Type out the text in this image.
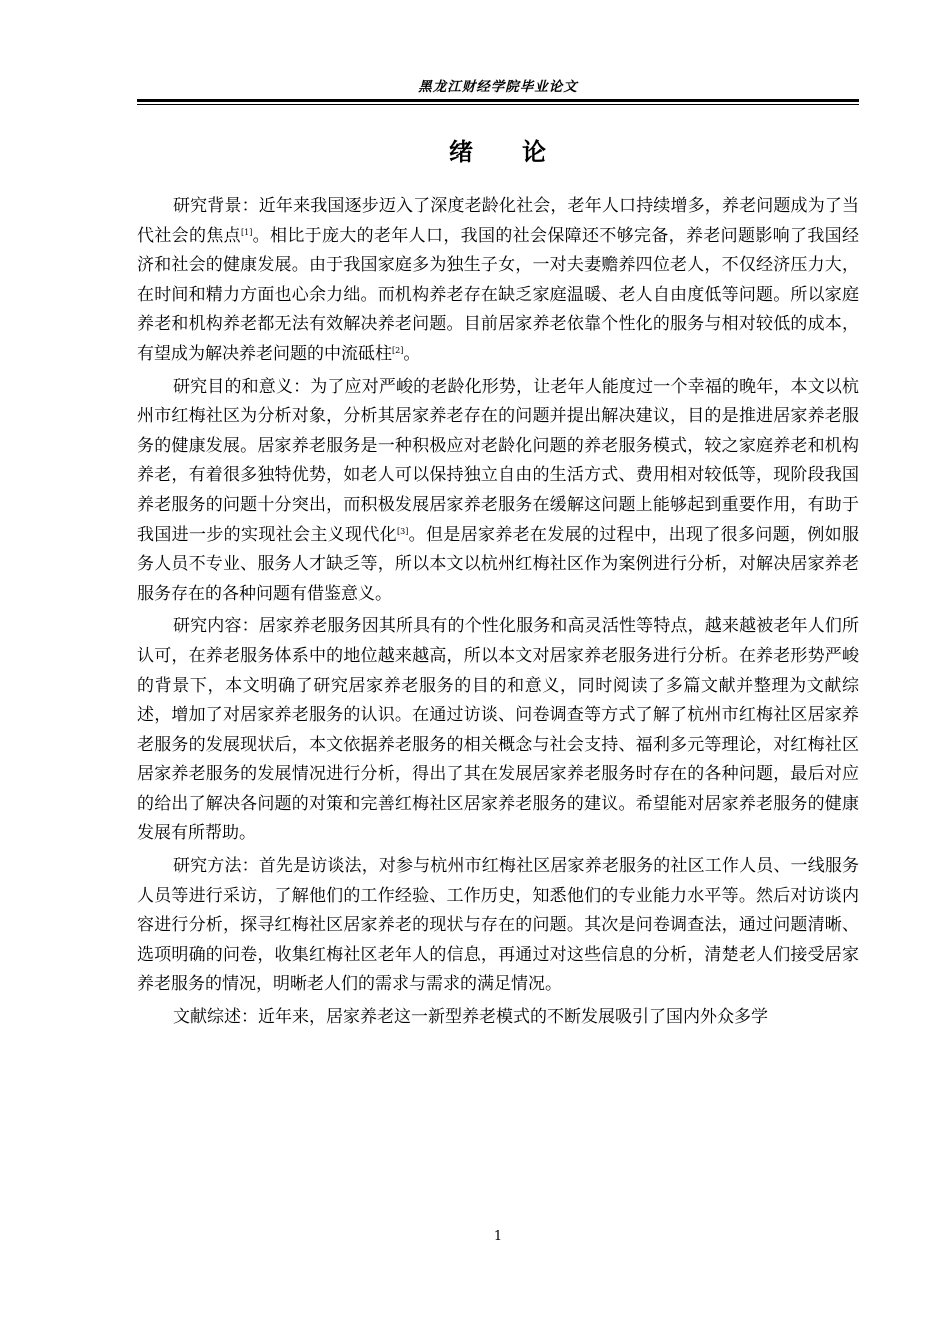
黑龙江财经学院毕业论文
绪 论

研究背景：近年来我国逐步迈入了深度老龄化社会，老年人口持续增多，养老问题成为了当代社会的焦点[1]。相比于庞大的老年人口，我国的社会保障还不够完备，养老问题影响了我国经济和社会的健康发展。由于我国家庭多为独生子女，一对夫妻赡养四位老人，不仅经济压力大，在时间和精力方面也心余力绌。而机构养老存在缺乏家庭温暖、老人自由度低等问题。所以家庭养老和机构养老都无法有效解决养老问题。目前居家养老依靠个性化的服务与相对较低的成本，有望成为解决养老问题的中流砥柱[2]。

研究目的和意义：为了应对严峻的老龄化形势，让老年人能度过一个幸福的晚年，本文以杭州市红梅社区为分析对象，分析其居家养老存在的问题并提出解决建议，目的是推进居家养老服务的健康发展。居家养老服务是一种积极应对老龄化问题的养老服务模式，较之家庭养老和机构养老，有着很多独特优势，如老人可以保持独立自由的生活方式、费用相对较低等，现阶段我国养老服务的问题十分突出，而积极发展居家养老服务在缓解这问题上能够起到重要作用，有助于我国进一步的实现社会主义现代化[3]。但是居家养老在发展的过程中，出现了很多问题，例如服务人员不专业、服务人才缺乏等，所以本文以杭州红梅社区作为案例进行分析，对解决居家养老服务存在的各种问题有借鉴意义。

研究内容：居家养老服务因其所具有的个性化服务和高灵活性等特点，越来越被老年人们所认可，在养老服务体系中的地位越来越高，所以本文对居家养老服务进行分析。在养老形势严峻的背景下，本文明确了研究居家养老服务的目的和意义，同时阅读了多篇文献并整理为文献综述，增加了对居家养老服务的认识。在通过访谈、问卷调查等方式了解了杭州市红梅社区居家养老服务的发展现状后，本文依据养老服务的相关概念与社会支持、福利多元等理论，对红梅社区居家养老服务的发展情况进行分析，得出了其在发展居家养老服务时存在的各种问题，最后对应的给出了解决各问题的对策和完善红梅社区居家养老服务的建议。希望能对居家养老服务的健康发展有所帮助。

研究方法：首先是访谈法，对参与杭州市红梅社区居家养老服务的社区工作人员、一线服务人员等进行采访，了解他们的工作经验、工作历史，知悉他们的专业能力水平等。然后对访谈内容进行分析，探寻红梅社区居家养老的现状与存在的问题。其次是问卷调查法，通过问题清晰、选项明确的问卷，收集红梅社区老年人的信息，再通过对这些信息的分析，清楚老人们接受居家养老服务的情况，明晰老人们的需求与需求的满足情况。

文献综述：近年来，居家养老这一新型养老模式的不断发展吸引了国内外众多学

1
